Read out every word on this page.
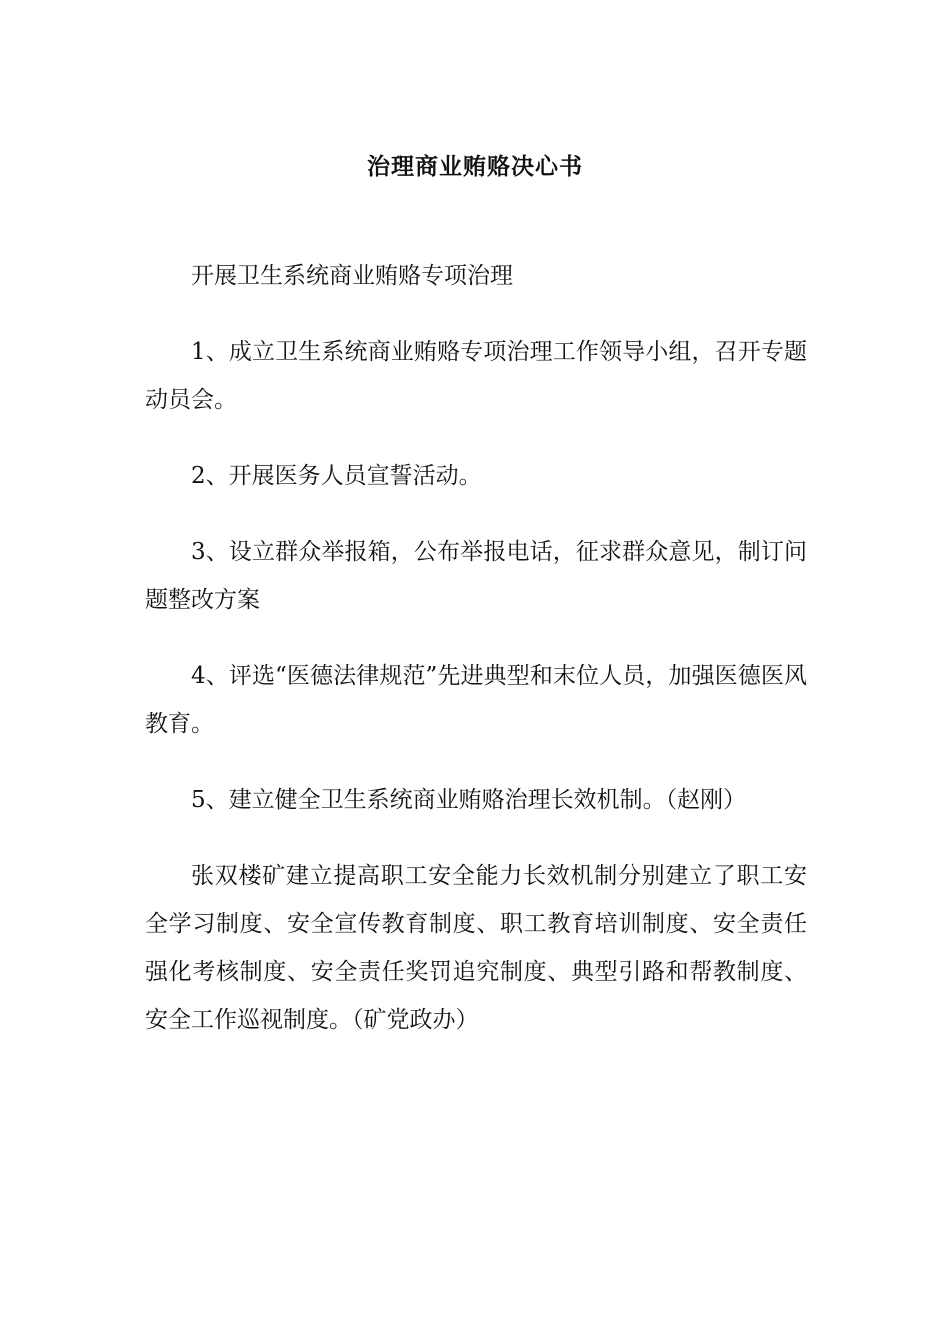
治理商业贿赂决心书

开展卫生系统商业贿赂专项治理

1、成立卫生系统商业贿赂专项治理工作领导小组，召开专题动员会。

2、开展医务人员宣誓活动。

3、设立群众举报箱，公布举报电话，征求群众意见，制订问题整改方案

4、评选“医德法律规范”先进典型和末位人员，加强医德医风教育。

5、建立健全卫生系统商业贿赂治理长效机制。（赵刚）

张双楼矿建立提高职工安全能力长效机制分别建立了职工安全学习制度、安全宣传教育制度、职工教育培训制度、安全责任强化考核制度、安全责任奖罚追究制度、典型引路和帮教制度、安全工作巡视制度。（矿党政办）
